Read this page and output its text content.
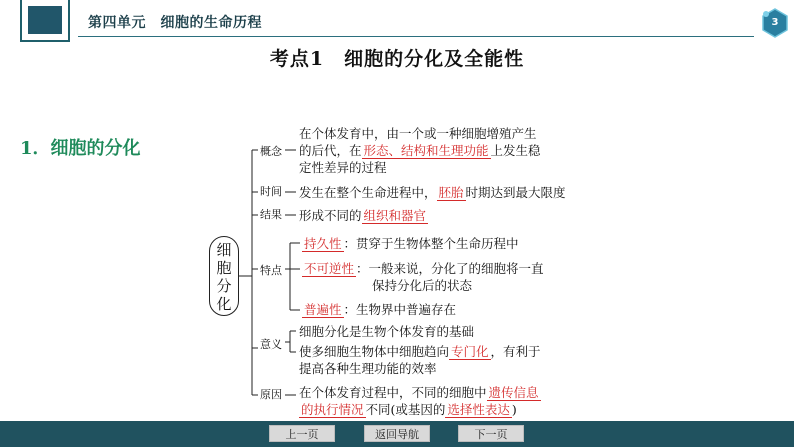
第四单元　细胞的生命历程	3
考点1　细胞的分化及全能性
1．细胞的分化
细
胞
分
化
概念
时间
结果
特点
意义
原因
在个体发育中，由一个或一种细胞增殖产生
的后代，在 形态、结构和生理功能 上发生稳
定性差异的过程
发生在整个生命进程中， 胚胎 时期达到最大限度
形成不同的 组织和器官
持久性 ：贯穿于生物体整个生命历程中
不可逆性 ：一般来说，分化了的细胞将一直
保持分化后的状态
普遍性 ：生物界中普遍存在
细胞分化是生物个体发育的基础
使多细胞生物体中细胞趋向 专门化 ，有利于
提高各种生理功能的效率
在个体发育过程中，不同的细胞中 遗传信息
的执行情况 不同(或基因的 选择性表达 )
上一页	返回导航	下一页
